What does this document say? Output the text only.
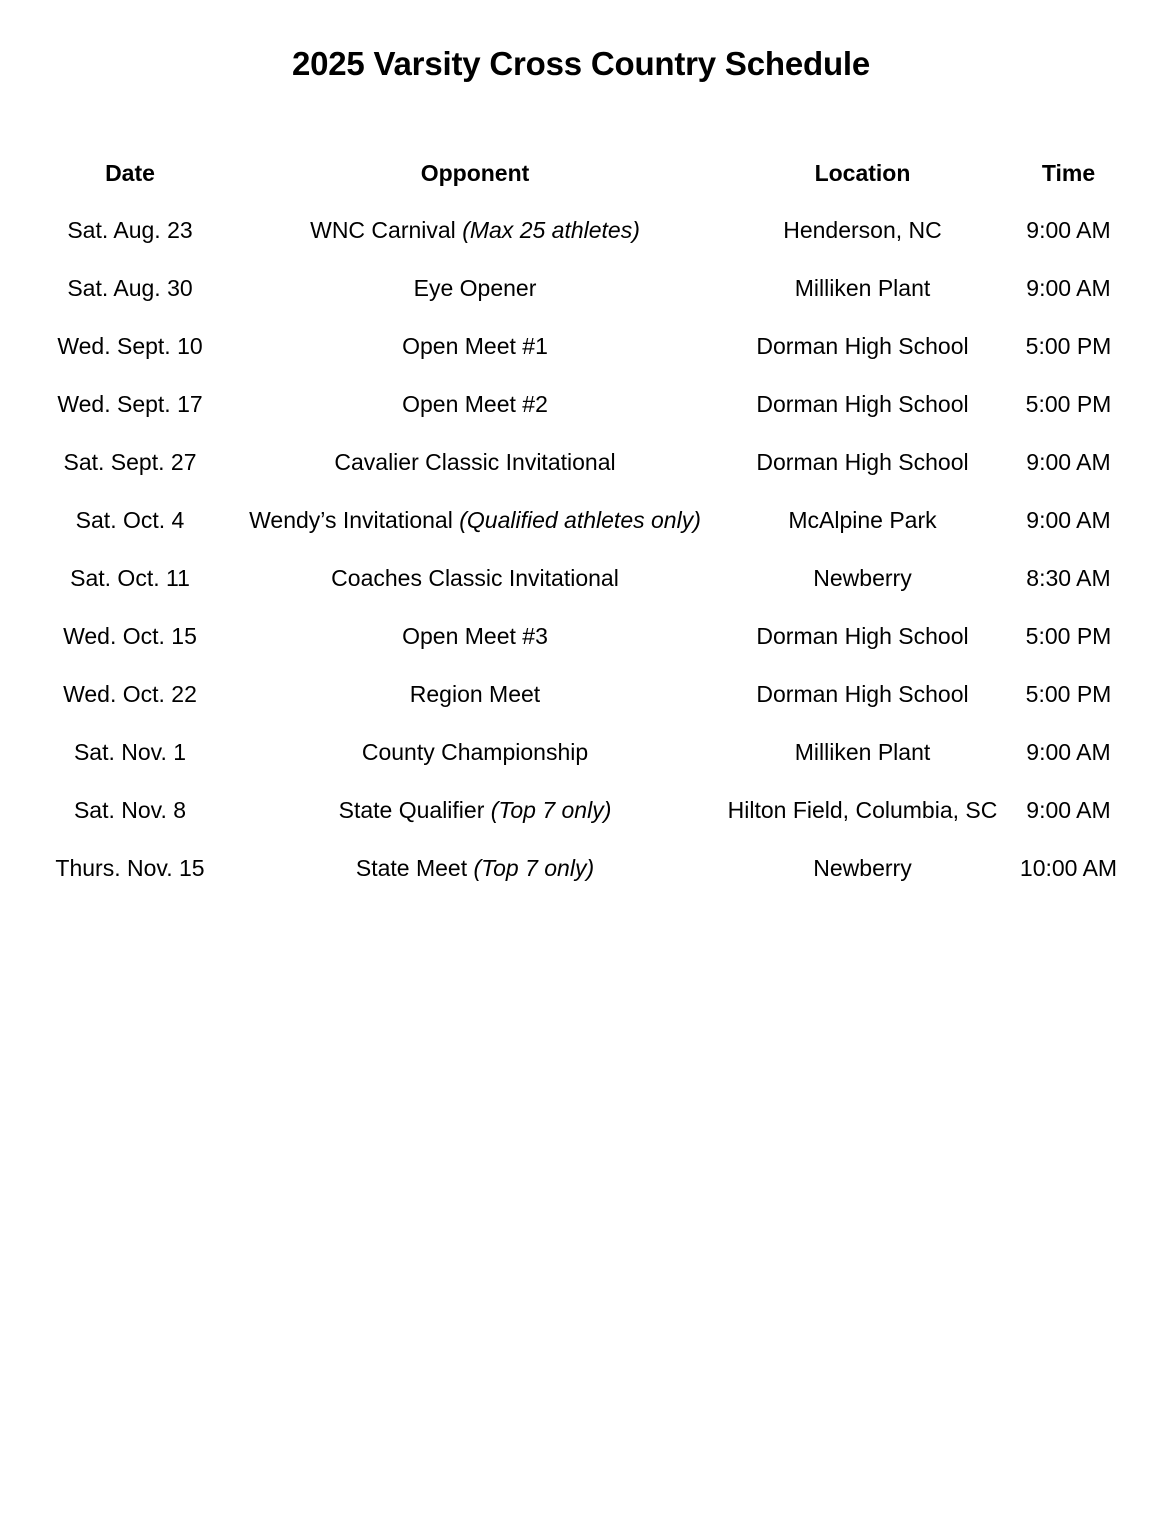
2025 Varsity Cross Country Schedule
Date	Opponent	Location	Time
Sat. Aug. 23	WNC Carnival (Max 25 athletes)	Henderson, NC	9:00 AM
Sat. Aug. 30	Eye Opener	Milliken Plant	9:00 AM
Wed. Sept. 10	Open Meet #1	Dorman High School	5:00 PM
Wed. Sept. 17	Open Meet #2	Dorman High School	5:00 PM
Sat. Sept. 27	Cavalier Classic Invitational	Dorman High School	9:00 AM
Sat. Oct. 4	Wendy’s Invitational (Qualified athletes only)	McAlpine Park	9:00 AM
Sat. Oct. 11	Coaches Classic Invitational	Newberry	8:30 AM
Wed. Oct. 15	Open Meet #3	Dorman High School	5:00 PM
Wed. Oct. 22	Region Meet	Dorman High School	5:00 PM
Sat. Nov. 1	County Championship	Milliken Plant	9:00 AM
Sat. Nov. 8	State Qualifier (Top 7 only)	Hilton Field, Columbia, SC	9:00 AM
Thurs. Nov. 15	State Meet (Top 7 only)	Newberry	10:00 AM
